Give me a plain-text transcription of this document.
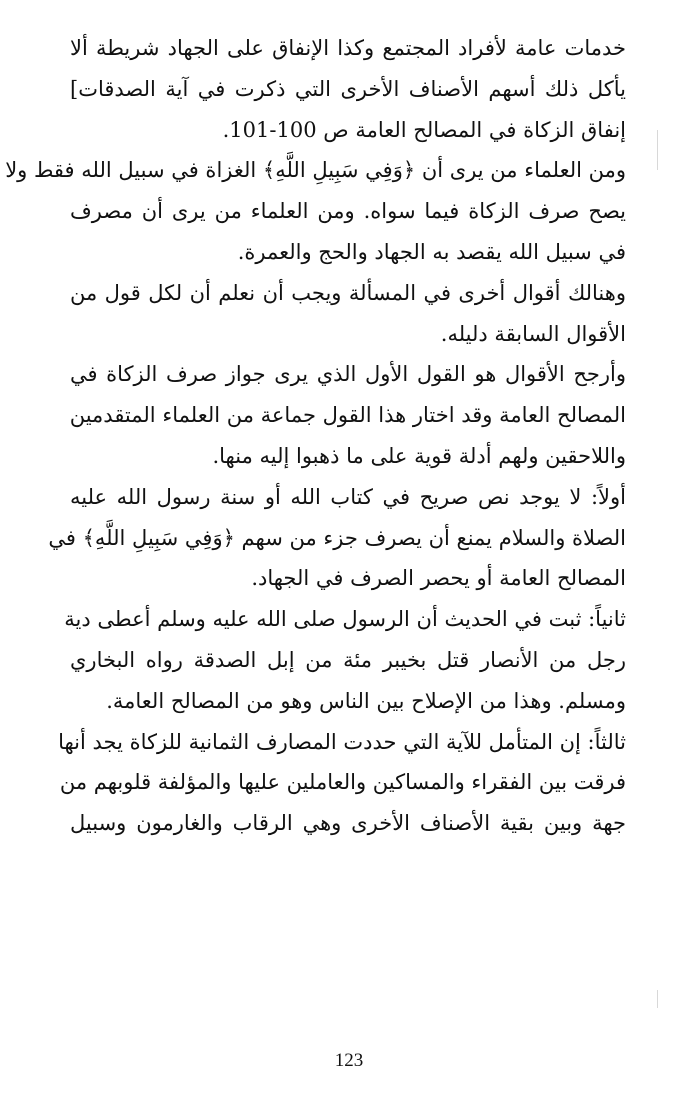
خدمات عامة لأفراد المجتمع وكذا الإنفاق على الجهاد شريطة ألا
يأكل ذلك أسهم الأصناف الأخرى التي ذكرت في آية الصدقات]
إنفاق الزكاة في المصالح العامة ص 100-101.
ومن العلماء من يرى أن ﴿وَفِي سَبِيلِ اللَّهِ﴾ الغزاة في سبيل الله فقط ولا
يصح صرف الزكاة فيما سواه. ومن العلماء من يرى أن مصرف
في سبيل الله يقصد به الجهاد والحج والعمرة.
وهنالك أقوال أخرى في المسألة ويجب أن نعلم أن لكل قول من
الأقوال السابقة دليله.
وأرجح الأقوال هو القول الأول الذي يرى جواز صرف الزكاة في
المصالح العامة وقد اختار هذا القول جماعة من العلماء المتقدمين
واللاحقين ولهم أدلة قوية على ما ذهبوا إليه منها.
أولاً: لا يوجد نص صريح في كتاب الله أو سنة رسول الله عليه
الصلاة والسلام يمنع أن يصرف جزء من سهم ﴿وَفِي سَبِيلِ اللَّهِ﴾ في
المصالح العامة أو يحصر الصرف في الجهاد.
ثانياً: ثبت في الحديث أن الرسول صلى الله عليه وسلم أعطى دية
رجل من الأنصار قتل بخيبر مئة من إبل الصدقة رواه البخاري
ومسلم. وهذا من الإصلاح بين الناس وهو من المصالح العامة.
ثالثاً: إن المتأمل للآية التي حددت المصارف الثمانية للزكاة يجد أنها
فرقت بين الفقراء والمساكين والعاملين عليها والمؤلفة قلوبهم من
جهة وبين بقية الأصناف الأخرى وهي الرقاب والغارمون وسبيل
123
